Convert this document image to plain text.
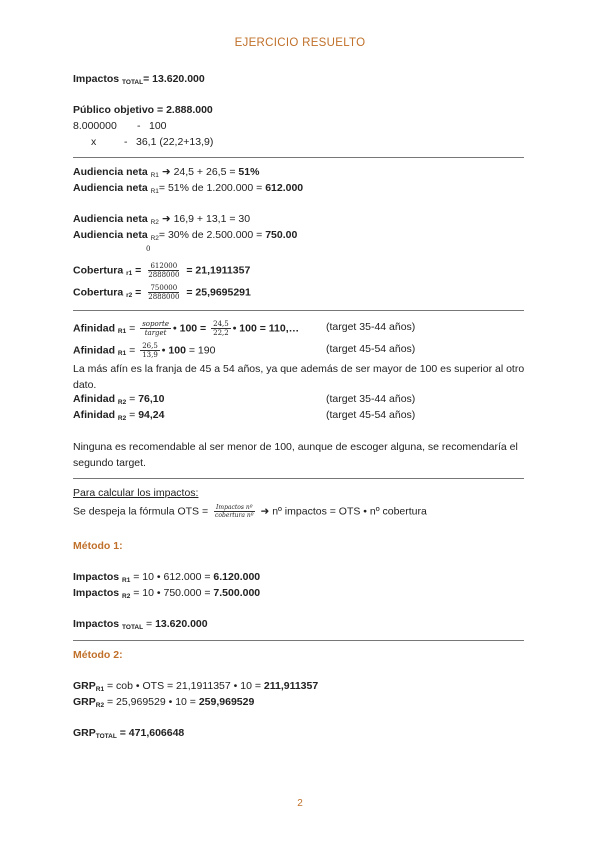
EJERCICIO RESUELTO
Impactos TOTAL= 13.620.000
Público objetivo = 2.888.000
8.000000 - 100
x	- 36,1 (22,2+13,9)
Audiencia neta R1 ➜ 24,5 + 26,5 = 51%
Audiencia neta R1= 51% de 1.200.000 = 612.000
Audiencia neta R2 ➜ 16,9 + 13,1 = 30
Audiencia neta R2= 30% de 2.500.000 = 750.00
0
Cobertura $r1 = \frac{612000}{2888000} = 21,1911357$
Cobertura $r2 = \frac{750000}{2888000} = 25,9695291$
Afinidad $R1 = \frac{\text{soporte}}{\text{target}}$ • $100 = \frac{24,5}{22,2}$ • 100 = 110,…	(target 35-44 años)
Afinidad $R1 = \frac{26,5}{13,9}$ • 100 = 190	(target 45-54 años)
La más afín es la franja de 45 a 54 años, ya que además de ser mayor de 100 es superior al otro dato.
Afinidad R2 = 76,10	(target 35-44 años)
Afinidad R2 = 94,24	(target 45-54 años)
Ninguna es recomendable al ser menor de 100, aunque de escoger alguna, se recomendaría el segundo target.
Para calcular los impactos:
Se despeja la fórmula OTS = $\frac{\text{Impactos nº}}{\text{cobertura nº}}$ ➜ nº impactos = OTS • nº cobertura
Método 1:
Impactos R1 = 10 • 612.000 = 6.120.000
Impactos R2 = 10 • 750.000 = 7.500.000
Impactos TOTAL = 13.620.000
Método 2:
GRPR1 = cob • OTS = 21,1911357 • 10 = 211,911357
GRPR2 = 25,969529 • 10 = 259,969529
GRPTOTAL = 471,606648
2
